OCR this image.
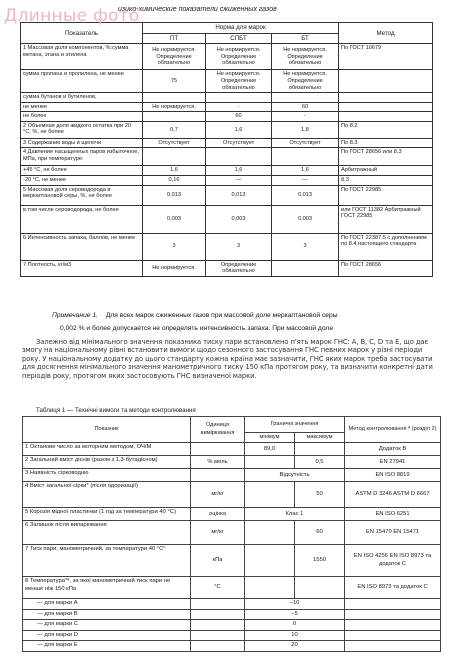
Длинные фото
изико-химические показатели сжиженных газов
Показатель	Норма для марок			Метод
	ПТ	СПБТ	БТ	
1 Массовая доля компонентов, %:сумма метана, этана и этилена	Не нормируется. Определение обязательно	Не нормируется. Определение обязательно	Не нормируется. Определение обязательно	По ГОСТ 10679
сумма пропана и пропилена, не менее	75	Не нормируется. Определение обязательно	Не нормируется. Определение обязательно	
сумма бутанов и бутиленов,				
не менее	Не нормируется.	-	60	
не более		60	-	
2 Объемная доля жидкого остатка при 20 °С, %, не более	0,7	1,6	1,8	По 8.2
3 Содержание воды и щелочи	Отсутствует	Отсутствует	Отсутствует	По 8.3
4 Давление насыщенных паров избыточное, МПа, при температуре:				По ГОСТ 28656 или 8.3
+45 °С, не более	1,6	1,6	1,6	Арбитражный
-20 °С, не менее	0,16	—	—	8.3
5 Массовая доля сероводорода и меркаптановой серы, %, не более	0,013	0,013	0,013	По ГОСТ 22985
в том числе сероводорода, не более	0,003	0,003	0,003	или ГОСТ 11382 Арбитражный ГОСТ 22985
6 Интенсивность запаха, баллов, не менее	3	3	3	По ГОСТ 22387.5 с дополнением по 8.4 настоящего стандарта
7 Плотность, кг/м3	Не нормируется.	Определение обязательно		По ГОСТ 28656
Примечание 1. Для всех марок сжиженных газов при массовой доле меркаптановой серы
0,002 % и более допускается не определять интенсивность запаха. При массовой доле
Залежно від мінімального значення показника тиску пари встановлено п'ять марок ГНС: A, B, C, D та E, що дає змогу на національному рівні встановити вимоги щодо сезонного застосування ГНС певних марок у різні періоди року. У національному додатку до цього стандарту кожна країна має зазначити, ГНС яких марок треба застосувати для досягнення мінімального значення манометричного тиску 150 кПа протягом року, та визначити конкретні дати періодів року, протягом яких застосовують ГНС визначеної марки.
Таблиця 1 — Технічні вимоги та методи контролювання
Показник	Одиниця вимірювання	Граничні значення		Метод контролювання ª (розділ 2)
		мінімум	максимум	
1 Октанове число за моторним методом, ОЧ/М		89,0		Додаток В
2 Загальний вміст дієнів (разом з 1,3-бутадієном)	% моль		0,5	EN 27941
3 Наявність сірководню		Відсутність		EN ISO 8819
4 Вміст загальної сірки° (після одоризації)	мг/кг		50	ASTM D 3246 ASTM D 6667
5 Корозія мідної пластинки (1 год за температури 40 °С)	оцінка	Клас 1		EN ISO 6251
6 Залишок після випарювання	мг/кг		60	EN 15470 EN 15471
7 Тиск пари, манометричний, за температури 40 °С°	кПа		1550	EN ISO 4256 EN ISO 8973 та додаток С
8 Температура°ª, за якої манометричний тиск пари не менше ніж 150 кПа	°С			EN ISO 8973 та додаток С
— для марки А		−10		
— для марки B		−5		
— для марки C		0		
— для марки D		10		
— для марки E		20		
